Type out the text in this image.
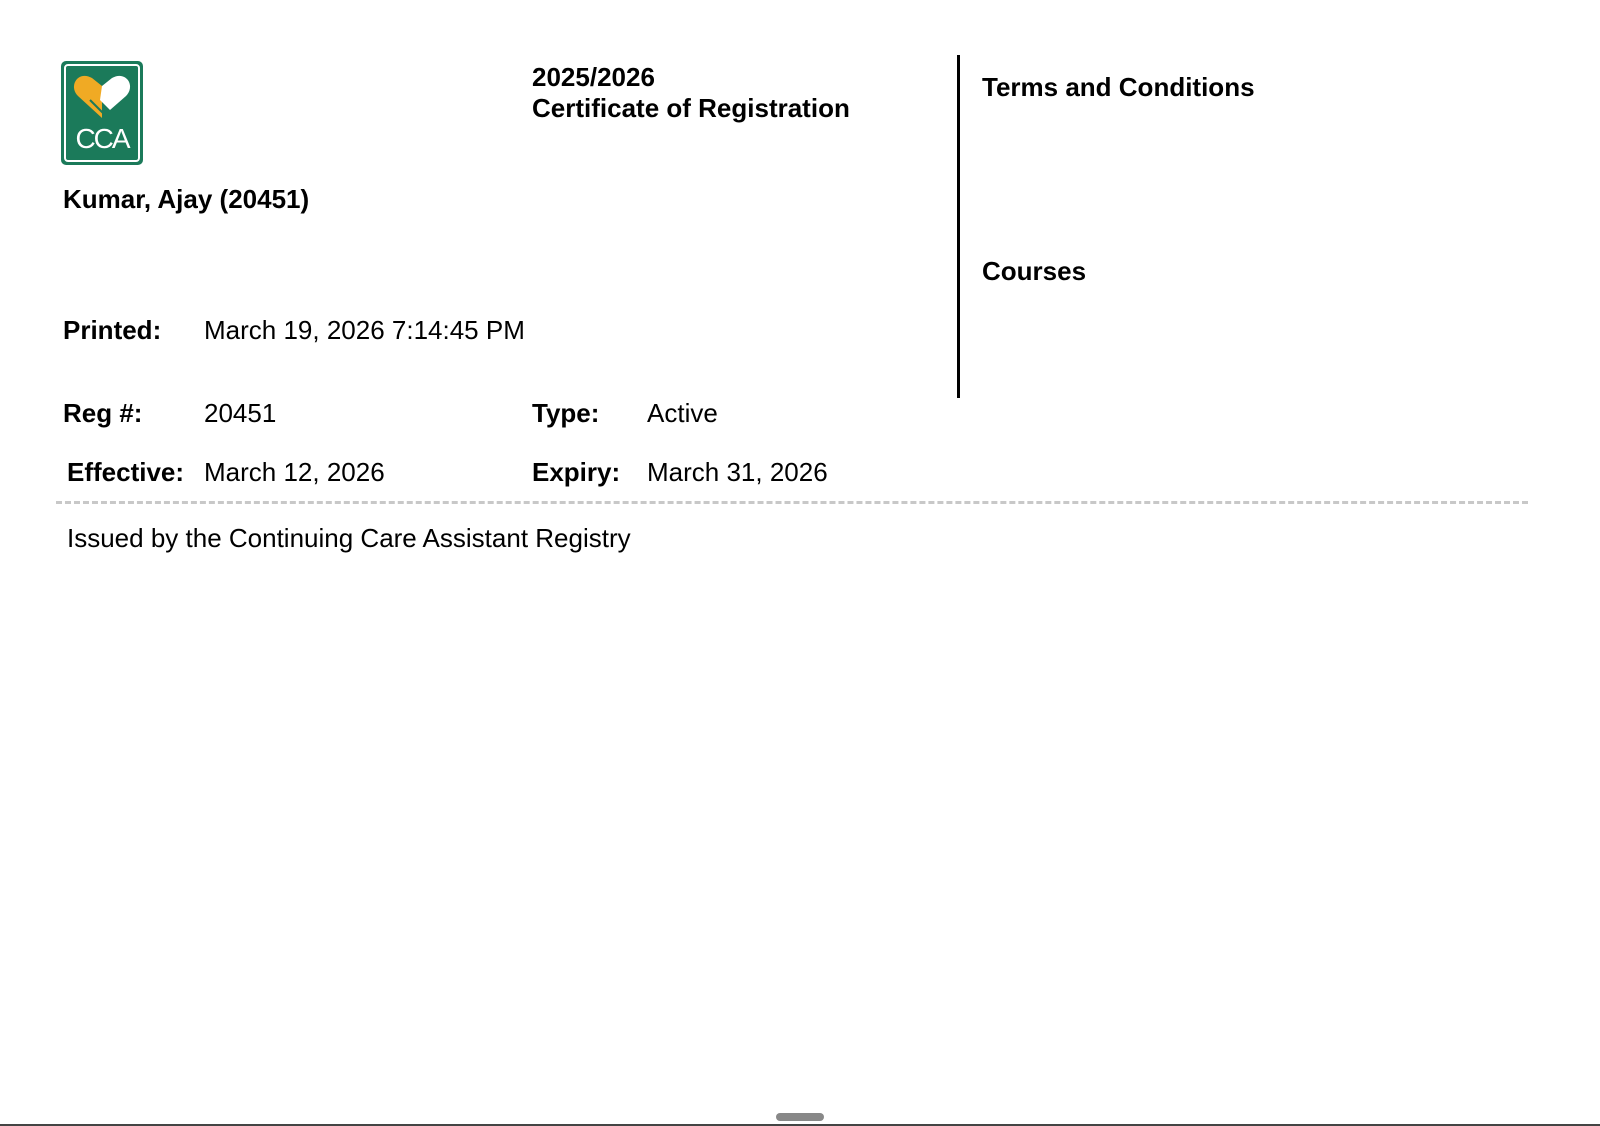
CCA
2025/2026
Certificate of Registration
Kumar, Ajay (20451)
Printed: March 19, 2026 7:14:45 PM
Reg #: 20451	Type: Active
Effective: March 12, 2026	Expiry: March 31, 2026
Terms and Conditions
Courses
Issued by the Continuing Care Assistant Registry
